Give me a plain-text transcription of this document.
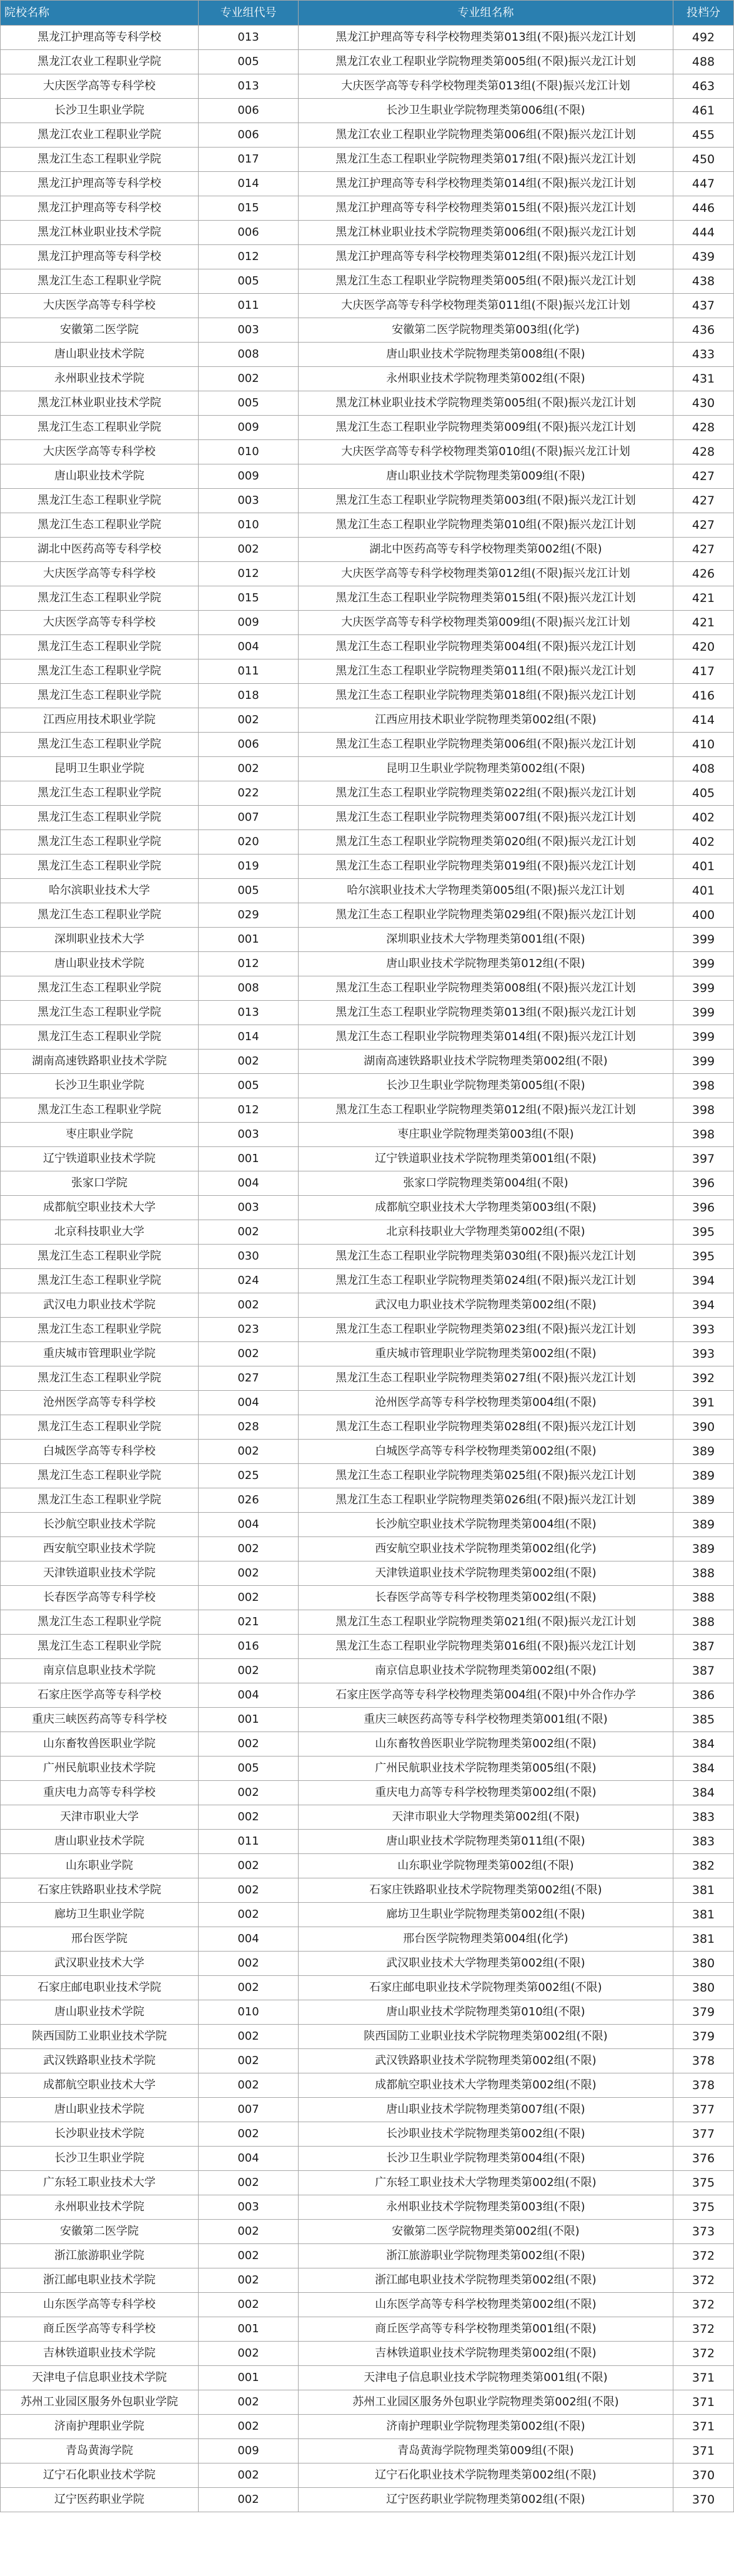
院校名称	专业组代号	专业组名称	投档分
黑龙江护理高等专科学校	013	黑龙江护理高等专科学校物理类第013组(不限)振兴龙江计划	492
黑龙江农业工程职业学院	005	黑龙江农业工程职业学院物理类第005组(不限)振兴龙江计划	488
大庆医学高等专科学校	013	大庆医学高等专科学校物理类第013组(不限)振兴龙江计划	463
长沙卫生职业学院	006	长沙卫生职业学院物理类第006组(不限)	461
黑龙江农业工程职业学院	006	黑龙江农业工程职业学院物理类第006组(不限)振兴龙江计划	455
黑龙江生态工程职业学院	017	黑龙江生态工程职业学院物理类第017组(不限)振兴龙江计划	450
黑龙江护理高等专科学校	014	黑龙江护理高等专科学校物理类第014组(不限)振兴龙江计划	447
黑龙江护理高等专科学校	015	黑龙江护理高等专科学校物理类第015组(不限)振兴龙江计划	446
黑龙江林业职业技术学院	006	黑龙江林业职业技术学院物理类第006组(不限)振兴龙江计划	444
黑龙江护理高等专科学校	012	黑龙江护理高等专科学校物理类第012组(不限)振兴龙江计划	439
黑龙江生态工程职业学院	005	黑龙江生态工程职业学院物理类第005组(不限)振兴龙江计划	438
大庆医学高等专科学校	011	大庆医学高等专科学校物理类第011组(不限)振兴龙江计划	437
安徽第二医学院	003	安徽第二医学院物理类第003组(化学)	436
唐山职业技术学院	008	唐山职业技术学院物理类第008组(不限)	433
永州职业技术学院	002	永州职业技术学院物理类第002组(不限)	431
黑龙江林业职业技术学院	005	黑龙江林业职业技术学院物理类第005组(不限)振兴龙江计划	430
黑龙江生态工程职业学院	009	黑龙江生态工程职业学院物理类第009组(不限)振兴龙江计划	428
大庆医学高等专科学校	010	大庆医学高等专科学校物理类第010组(不限)振兴龙江计划	428
唐山职业技术学院	009	唐山职业技术学院物理类第009组(不限)	427
黑龙江生态工程职业学院	003	黑龙江生态工程职业学院物理类第003组(不限)振兴龙江计划	427
黑龙江生态工程职业学院	010	黑龙江生态工程职业学院物理类第010组(不限)振兴龙江计划	427
湖北中医药高等专科学校	002	湖北中医药高等专科学校物理类第002组(不限)	427
大庆医学高等专科学校	012	大庆医学高等专科学校物理类第012组(不限)振兴龙江计划	426
黑龙江生态工程职业学院	015	黑龙江生态工程职业学院物理类第015组(不限)振兴龙江计划	421
大庆医学高等专科学校	009	大庆医学高等专科学校物理类第009组(不限)振兴龙江计划	421
黑龙江生态工程职业学院	004	黑龙江生态工程职业学院物理类第004组(不限)振兴龙江计划	420
黑龙江生态工程职业学院	011	黑龙江生态工程职业学院物理类第011组(不限)振兴龙江计划	417
黑龙江生态工程职业学院	018	黑龙江生态工程职业学院物理类第018组(不限)振兴龙江计划	416
江西应用技术职业学院	002	江西应用技术职业学院物理类第002组(不限)	414
黑龙江生态工程职业学院	006	黑龙江生态工程职业学院物理类第006组(不限)振兴龙江计划	410
昆明卫生职业学院	002	昆明卫生职业学院物理类第002组(不限)	408
黑龙江生态工程职业学院	022	黑龙江生态工程职业学院物理类第022组(不限)振兴龙江计划	405
黑龙江生态工程职业学院	007	黑龙江生态工程职业学院物理类第007组(不限)振兴龙江计划	402
黑龙江生态工程职业学院	020	黑龙江生态工程职业学院物理类第020组(不限)振兴龙江计划	402
黑龙江生态工程职业学院	019	黑龙江生态工程职业学院物理类第019组(不限)振兴龙江计划	401
哈尔滨职业技术大学	005	哈尔滨职业技术大学物理类第005组(不限)振兴龙江计划	401
黑龙江生态工程职业学院	029	黑龙江生态工程职业学院物理类第029组(不限)振兴龙江计划	400
深圳职业技术大学	001	深圳职业技术大学物理类第001组(不限)	399
唐山职业技术学院	012	唐山职业技术学院物理类第012组(不限)	399
黑龙江生态工程职业学院	008	黑龙江生态工程职业学院物理类第008组(不限)振兴龙江计划	399
黑龙江生态工程职业学院	013	黑龙江生态工程职业学院物理类第013组(不限)振兴龙江计划	399
黑龙江生态工程职业学院	014	黑龙江生态工程职业学院物理类第014组(不限)振兴龙江计划	399
湖南高速铁路职业技术学院	002	湖南高速铁路职业技术学院物理类第002组(不限)	399
长沙卫生职业学院	005	长沙卫生职业学院物理类第005组(不限)	398
黑龙江生态工程职业学院	012	黑龙江生态工程职业学院物理类第012组(不限)振兴龙江计划	398
枣庄职业学院	003	枣庄职业学院物理类第003组(不限)	398
辽宁铁道职业技术学院	001	辽宁铁道职业技术学院物理类第001组(不限)	397
张家口学院	004	张家口学院物理类第004组(不限)	396
成都航空职业技术大学	003	成都航空职业技术大学物理类第003组(不限)	396
北京科技职业大学	002	北京科技职业大学物理类第002组(不限)	395
黑龙江生态工程职业学院	030	黑龙江生态工程职业学院物理类第030组(不限)振兴龙江计划	395
黑龙江生态工程职业学院	024	黑龙江生态工程职业学院物理类第024组(不限)振兴龙江计划	394
武汉电力职业技术学院	002	武汉电力职业技术学院物理类第002组(不限)	394
黑龙江生态工程职业学院	023	黑龙江生态工程职业学院物理类第023组(不限)振兴龙江计划	393
重庆城市管理职业学院	002	重庆城市管理职业学院物理类第002组(不限)	393
黑龙江生态工程职业学院	027	黑龙江生态工程职业学院物理类第027组(不限)振兴龙江计划	392
沧州医学高等专科学校	004	沧州医学高等专科学校物理类第004组(不限)	391
黑龙江生态工程职业学院	028	黑龙江生态工程职业学院物理类第028组(不限)振兴龙江计划	390
白城医学高等专科学校	002	白城医学高等专科学校物理类第002组(不限)	389
黑龙江生态工程职业学院	025	黑龙江生态工程职业学院物理类第025组(不限)振兴龙江计划	389
黑龙江生态工程职业学院	026	黑龙江生态工程职业学院物理类第026组(不限)振兴龙江计划	389
长沙航空职业技术学院	004	长沙航空职业技术学院物理类第004组(不限)	389
西安航空职业技术学院	002	西安航空职业技术学院物理类第002组(化学)	389
天津铁道职业技术学院	002	天津铁道职业技术学院物理类第002组(不限)	388
长春医学高等专科学校	002	长春医学高等专科学校物理类第002组(不限)	388
黑龙江生态工程职业学院	021	黑龙江生态工程职业学院物理类第021组(不限)振兴龙江计划	388
黑龙江生态工程职业学院	016	黑龙江生态工程职业学院物理类第016组(不限)振兴龙江计划	387
南京信息职业技术学院	002	南京信息职业技术学院物理类第002组(不限)	387
石家庄医学高等专科学校	004	石家庄医学高等专科学校物理类第004组(不限)中外合作办学	386
重庆三峡医药高等专科学校	001	重庆三峡医药高等专科学校物理类第001组(不限)	385
山东畜牧兽医职业学院	002	山东畜牧兽医职业学院物理类第002组(不限)	384
广州民航职业技术学院	005	广州民航职业技术学院物理类第005组(不限)	384
重庆电力高等专科学校	002	重庆电力高等专科学校物理类第002组(不限)	384
天津市职业大学	002	天津市职业大学物理类第002组(不限)	383
唐山职业技术学院	011	唐山职业技术学院物理类第011组(不限)	383
山东职业学院	002	山东职业学院物理类第002组(不限)	382
石家庄铁路职业技术学院	002	石家庄铁路职业技术学院物理类第002组(不限)	381
廊坊卫生职业学院	002	廊坊卫生职业学院物理类第002组(不限)	381
邢台医学院	004	邢台医学院物理类第004组(化学)	381
武汉职业技术大学	002	武汉职业技术大学物理类第002组(不限)	380
石家庄邮电职业技术学院	002	石家庄邮电职业技术学院物理类第002组(不限)	380
唐山职业技术学院	010	唐山职业技术学院物理类第010组(不限)	379
陕西国防工业职业技术学院	002	陕西国防工业职业技术学院物理类第002组(不限)	379
武汉铁路职业技术学院	002	武汉铁路职业技术学院物理类第002组(不限)	378
成都航空职业技术大学	002	成都航空职业技术大学物理类第002组(不限)	378
唐山职业技术学院	007	唐山职业技术学院物理类第007组(不限)	377
长沙职业技术学院	002	长沙职业技术学院物理类第002组(不限)	377
长沙卫生职业学院	004	长沙卫生职业学院物理类第004组(不限)	376
广东轻工职业技术大学	002	广东轻工职业技术大学物理类第002组(不限)	375
永州职业技术学院	003	永州职业技术学院物理类第003组(不限)	375
安徽第二医学院	002	安徽第二医学院物理类第002组(不限)	373
浙江旅游职业学院	002	浙江旅游职业学院物理类第002组(不限)	372
浙江邮电职业技术学院	002	浙江邮电职业技术学院物理类第002组(不限)	372
山东医学高等专科学校	002	山东医学高等专科学校物理类第002组(不限)	372
商丘医学高等专科学校	001	商丘医学高等专科学校物理类第001组(不限)	372
吉林铁道职业技术学院	002	吉林铁道职业技术学院物理类第002组(不限)	372
天津电子信息职业技术学院	001	天津电子信息职业技术学院物理类第001组(不限)	371
苏州工业园区服务外包职业学院	002	苏州工业园区服务外包职业学院物理类第002组(不限)	371
济南护理职业学院	002	济南护理职业学院物理类第002组(不限)	371
青岛黄海学院	009	青岛黄海学院物理类第009组(不限)	371
辽宁石化职业技术学院	002	辽宁石化职业技术学院物理类第002组(不限)	370
辽宁医药职业学院	002	辽宁医药职业学院物理类第002组(不限)	370
